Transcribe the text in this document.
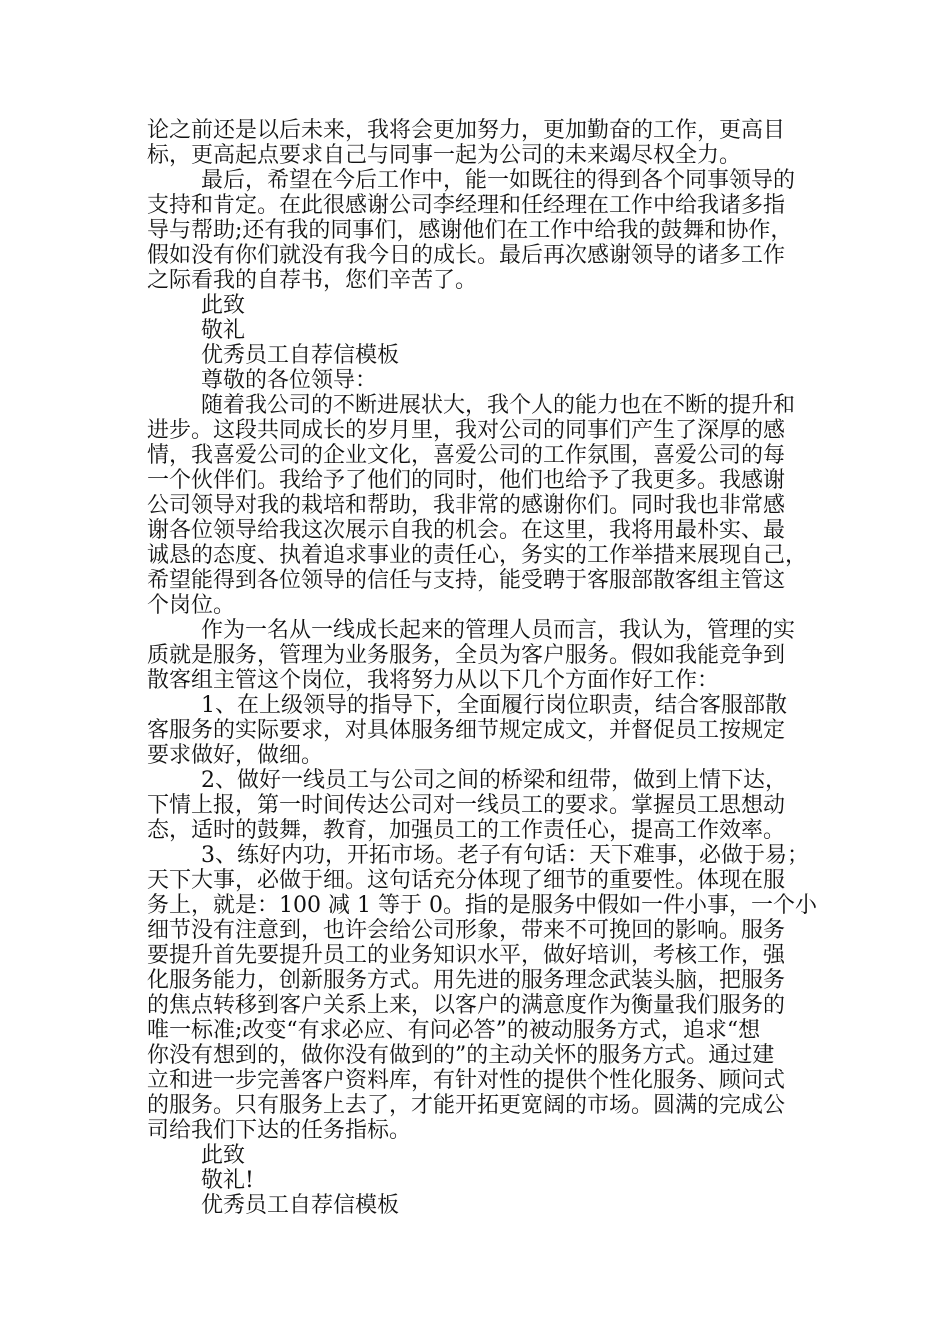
论之前还是以后未来，我将会更加努力，更加勤奋的工作，更高目

标，更高起点要求自己与同事一起为公司的未来竭尽权全力。

最后，希望在今后工作中，能一如既往的得到各个同事领导的

支持和肯定。在此很感谢公司李经理和任经理在工作中给我诸多指

导与帮助;还有我的同事们，感谢他们在工作中给我的鼓舞和协作，

假如没有你们就没有我今日的成长。最后再次感谢领导的诸多工作

之际看我的自荐书，您们辛苦了。

此致

敬礼

优秀员工自荐信模板

尊敬的各位领导：

随着我公司的不断进展状大，我个人的能力也在不断的提升和

进步。这段共同成长的岁月里，我对公司的同事们产生了深厚的感

情，我喜爱公司的企业文化，喜爱公司的工作氛围，喜爱公司的每

一个伙伴们。我给予了他们的同时，他们也给予了我更多。我感谢

公司领导对我的栽培和帮助，我非常的感谢你们。同时我也非常感

谢各位领导给我这次展示自我的机会。在这里，我将用最朴实、最

诚恳的态度、执着追求事业的责任心，务实的工作举措来展现自己，

希望能得到各位领导的信任与支持，能受聘于客服部散客组主管这

个岗位。

作为一名从一线成长起来的管理人员而言，我认为，管理的实

质就是服务，管理为业务服务，全员为客户服务。假如我能竞争到

散客组主管这个岗位，我将努力从以下几个方面作好工作：

1、在上级领导的指导下，全面履行岗位职责，结合客服部散

客服务的实际要求，对具体服务细节规定成文，并督促员工按规定

要求做好，做细。

2、做好一线员工与公司之间的桥梁和纽带，做到上情下达，

下情上报，第一时间传达公司对一线员工的要求。掌握员工思想动

态，适时的鼓舞，教育，加强员工的工作责任心，提高工作效率。

3、练好内功，开拓市场。老子有句话：天下难事，必做于易；

天下大事，必做于细。这句话充分体现了细节的重要性。体现在服

务上，就是：100 减 1 等于 0。指的是服务中假如一件小事，一个小

细节没有注意到，也许会给公司形象，带来不可挽回的影响。服务

要提升首先要提升员工的业务知识水平，做好培训，考核工作，强

化服务能力，创新服务方式。用先进的服务理念武装头脑，把服务

的焦点转移到客户关系上来，以客户的满意度作为衡量我们服务的

唯一标准;改变“有求必应、有问必答”的被动服务方式，追求“想

你没有想到的，做你没有做到的”的主动关怀的服务方式。通过建

立和进一步完善客户资料库，有针对性的提供个性化服务、顾问式

的服务。只有服务上去了，才能开拓更宽阔的市场。圆满的完成公

司给我们下达的任务指标。

此致

敬礼!

优秀员工自荐信模板
